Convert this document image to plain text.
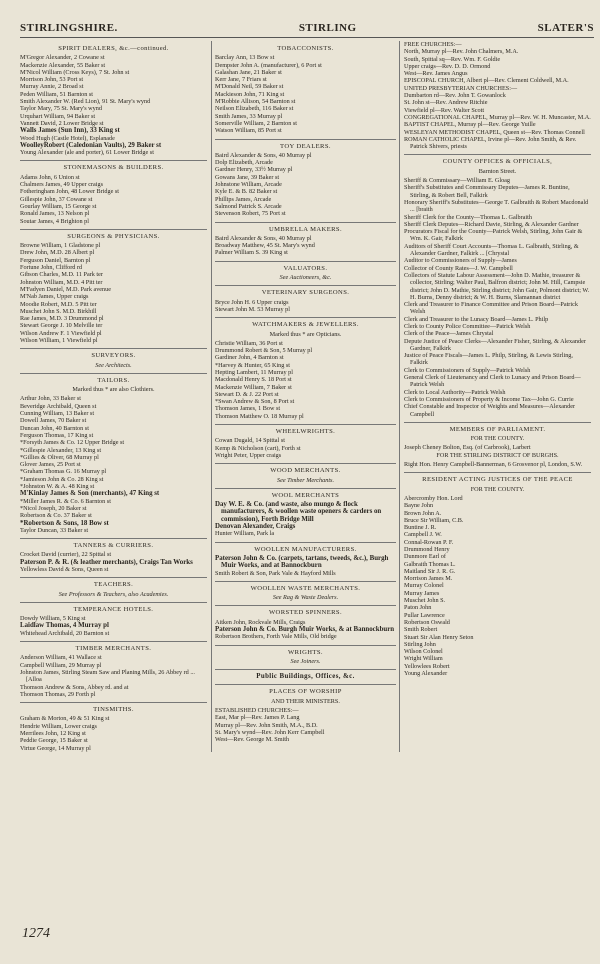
STIRLINGSHIRE.	STIRLING	SLATER'S
SPIRIT DEALERS, &c.—continued.
M'Gregor Alexander, 2 Cowane st
Mackenzie Alexander, 55 Baker st
M'Nicol William (Cross Keys), 7 St. John st
Morrison John, 53 Port st
Murray Annie, 2 Broad st
Peden William, 51 Barnton st
Smith Alexander W. (Red Lion), 91 St. Mary's wynd
Taylor Mary, 75 St. Mary's wynd
Urquhart William, 94 Baker st
Vannett David, 2 Lower Bridge st
Walls James (Sun Inn), 33 King st
Wood Hugh (Castle Hotel), Esplanade
WoolleyRobert (Caledonian Vaults), 29 Baker st
Young Alexander (ale and porter), 61 Lower Bridge st
STONEMASONS & BUILDERS.
Adams John, 6 Union st
Chalmers James, 49 Upper craigs
Fotheringham John, 48 Lower Bridge st
Gillespie John, 37 Cowane st
Gourlay William, 15 George st
Ronald James, 13 Nelson pl
Soutar James, 4 Brighton pl
SURGEONS & PHYSICIANS.
Browne William, 1 Gladstone pl
Drew John, M.D. 28 Albert pl
Ferguson Daniel, Barnton pl
Fortune John, Clifford rd
Gibson Charles, M.D. 11 Park ter
Johnston William, M.D. 4 Pitt ter
M'Fadyen Daniel, M.D. Park avenue
M'Nab James, Upper craigs
Moodie Robert, M.D. 5 Pitt ter
Muschet John S. M.D. Birkhill
Rae James, M.D. 3 Drummond pl
Stewart George J. 10 Melville ter
Wilson Andrew F. 1 Viewfield pl
Wilson William, 1 Viewfield pl
SURVEYORS.
See Architects.
TAILORS.
Marked thus * are also Clothiers.
Arthur John, 33 Baker st
Beveridge Archibald, Queen st
Cunning William, 13 Baker st
Dowell James, 70 Baker st
Duncan John, 40 Barnton st
Ferguson Thomas, 17 King st
*Forsyth James & Co. 12 Upper Bridge st
*Gillespie Alexander, 13 King st
*Gillies & Oliver, 68 Murray pl
Glover James, 25 Port st
*Graham Thomas G. 16 Murray pl
*Jamieson John & Co. 28 King st
*Johnston W. & A. 48 King st
M'Kinlay James & Son (merchants), 47 King st
*Miller James R. & Co. 6 Barnton st
*Nicol Joseph, 20 Baker st
Robertson & Co. 37 Baker st
*Robertson & Sons, 18 Bow st
Taylor Duncan, 33 Baker st
TANNERS & CURRIERS.
Crocket David (currier), 22 Spittal st
Paterson P. & R. (& leather merchants), Craigs Tan Works
Yellowless David & Sons, Queen st
TEACHERS.
See Professors & Teachers, also Academies.
TEMPERANCE HOTELS.
Dowdy William, 5 King st
Laidlaw Thomas, 4 Murray pl
Whitehead Archibald, 20 Barnton st
TIMBER MERCHANTS.
Anderson William, 41 Wallace st
Campbell William, 29 Murray pl
Johnston James, Stirling Steam Saw and Planing Mills, 26 Abbey rd ... [Alloa
Thomson Andrew & Sons, Abbey rd. and at
Thomson Thomas, 29 Forth pl
TINSMITHS.
Graham & Morton, 49 & 51 King st
Hendrie William, Lower craigs
Merrilees John, 12 King st
Peddie George, 15 Baker st
Virtue George, 14 Murray pl
TOBACCONISTS.
Barclay Ann, 13 Bow st
Dempster John A. (manufacturer), 6 Port st
Galashan Jane, 21 Baker st
Kerr Jane, 7 Friars st
M'Donald Neil, 59 Baker st
Mackieson John, 71 King st
M'Robbie Allison, 54 Barnton st
Neilson Elizabeth, 116 Baker st
Smith James, 33 Murray pl
Somerville William, 2 Barnton st
Watson William, 85 Port st
TOY DEALERS.
Baird Alexander & Sons, 40 Murray pl
Dolp Elizabeth, Arcade
Gardner Henry, 33½ Murray pl
Gowans Jane, 39 Baker st
Johnstone William, Arcade
Kyle E. & B. 82 Baker st
Phillips James, Arcade
Salmond Patrick S. Arcade
Stevenson Robert, 75 Port st
UMBRELLA MAKERS.
Baird Alexander & Sons, 40 Murray pl
Broadway Matthew, 45 St. Mary's wynd
Palmer William S. 39 King st
VALUATORS.
See Auctioneers, &c.
VETERINARY SURGEONS.
Bryce John H. 6 Upper craigs
Stewart John M. 53 Murray pl
WATCHMAKERS & JEWELLERS.
Marked thus * are Opticians.
Christie William, 36 Port st
Drummond Robert & Son, 5 Murray pl
Gardiner John, 4 Barnton st
*Harvey & Hunter, 65 King st
Hepting Lambert, 11 Murray pl
Macdonald Henry S. 18 Port st
Mackenzie William, 7 Baker st
Stewart D. & J. 22 Port st
*Swan Andrew & Son, 8 Port st
Thomson James, 1 Bow st
Thomson Matthew O. 18 Murray pl
WHEELWRIGHTS.
Cowan Dugald, 14 Spittal st
Kemp & Nicholson (cart), Forth st
Wright Peter, Upper craigs
WOOD MERCHANTS.
See Timber Merchants.
WOOL MERCHANTS
Day W. E. & Co. (and waste, also mungo & flock manufacturers, & woollen waste openers & carders on commission), Forth Bridge Mill
Denovan Alexander, Craigs
Hunter William, Park la
WOOLLEN MANUFACTURERS.
Paterson John & Co. (carpets, tartans, tweeds, &c.), Burgh Muir Works, and at Bannockburn
Smith Robert & Son, Park Vale & Hayford Mills
WOOLLEN WASTE MERCHANTS.
See Rag & Waste Dealers.
WORSTED SPINNERS.
Aitken John, Rockvale Mills, Craigs
Paterson John & Co. Burgh Muir Works, & at Bannockburn
Robertson Brothers, Forth Vale Mills, Old bridge
WRIGHTS.
See Joiners.
Public Buildings, Offices, &c.
PLACES OF WORSHIP
AND THEIR MINISTERS.
ESTABLISHED CHURCHES:—
East, Mar pl—Rev. James P. Lang
Murray pl—Rev. John Smith, M.A., B.D.
St. Mary's wynd—Rev. John Kerr Campbell
West—Rev. George M. Smith
FREE CHURCHES:—
North, Murray pl—Rev. John Chalmers, M.A.
South, Spittal sq—Rev. Wm. F. Goldie
Upper craigs—Rev. D. D. Ormond
West—Rev. James Angus
EPISCOPAL CHURCH, Albert pl—Rev. Clement Coldwell, M.A.
UNITED PRESBYTERIAN CHURCHES:—
Dumbarton rd—Rev. John T. Gowanlock
St. John st—Rev. Andrew Ritchie
Viewfield pl—Rev. Walter Scott
CONGREGATIONAL CHAPEL, Murray pl—Rev. W. H. Muncaster, M.A.
BAPTIST CHAPEL, Murray pl—Rev. George Yuille
WESLEYAN METHODIST CHAPEL, Queen st—Rev. Thomas Connell
ROMAN CATHOLIC CHAPEL, Irvine pl—Rev. John Smith, & Rev. Patrick Shivers, priests
COUNTY OFFICES & OFFICIALS,
Barnton Street.
Sheriff & Commissary—William E. Gloag
Sheriff's Substitutes and Commissary Deputes—James R. Buntine, Stirling, & Robert Bell, Falkirk
Honorary Sheriff's Substitutes—George T. Galbraith & Robert Macdonald ... [braith
Sheriff Clerk for the County—Thomas L. Galbraith
Sheriff Clerk Deputes—Richard Davie, Stirling, & Alexander Gardner
Procurators Fiscal for the County—Patrick Welsh, Stirling, John Gair & Wm. K. Gair, Falkirk
Auditors of Sheriff Court Accounts—Thomas L. Galbraith, Stirling, & Alexander Gardner, Falkirk ... [Chrystal
Auditor to Commissioners of Supply—James
Collector of County Rates—J. W. Campbell
Collectors of Statute Labour Assessment—John D. Mathie, treasurer & collector, Stirling; Walter Paul, Balfron district; John M. Hill, Campsie district; John D. Mathie, Stirling district; John Gair, Polmont district; W. H. Burns, Denny district; & W. H. Burns, Slamannan district
Clerk and Treasurer to Finance Committee and Prison Board—Patrick Welsh
Clerk and Treasurer to the Lunacy Board—James L. Philp
Clerk to County Police Committee—Patrick Welsh
Clerk of the Peace—James Chrystal
Depute Justice of Peace Clerks—Alexander Fisher, Stirling, & Alexander Gardner, Falkirk
Justice of Peace Fiscals—James L. Philp, Stirling, & Lewis Stirling, Falkirk
Clerk to Commissioners of Supply—Patrick Welsh
General Clerk of Lieutenancy and Clerk to Lunacy and Prison Board—Patrick Welsh
Clerk to Local Authority—Patrick Welsh
Clerk to Commissioners of Property & Income Tax—John G. Currie
Chief Constable and Inspector of Weights and Measures—Alexander Campbell
MEMBERS OF PARLIAMENT.
FOR THE COUNTY.
Joseph Cheney Bolton, Esq. (of Carbrook), Larbert
FOR THE STIRLING DISTRICT OF BURGHS.
Right Hon. Henry Campbell-Bannerman, 6 Grosvenor pl, London, S.W.
RESIDENT ACTING JUSTICES OF THE PEACE
FOR THE COUNTY.
Abercromby Hon. Lord
Bayne John
Brown John A.
Bruce Sir William, C.B.
Buntine J. R.
Campbell J. W.
Connal-Rowan P. F.
Drummond Henry
Dunmore Earl of
Galbraith Thomas L.
Maitland Sir J. R. G.
Morrison James M.
Murray Colonel
Murray James
Muschet John S.
Paton John
Pullar Lawrence
Robertson Oswald
Smith Robert
Stuart Sir Alan Henry Seton
Stirling John
Wilson Colonel
Wright William
Yellowlees Robert
Young Alexander
1274
